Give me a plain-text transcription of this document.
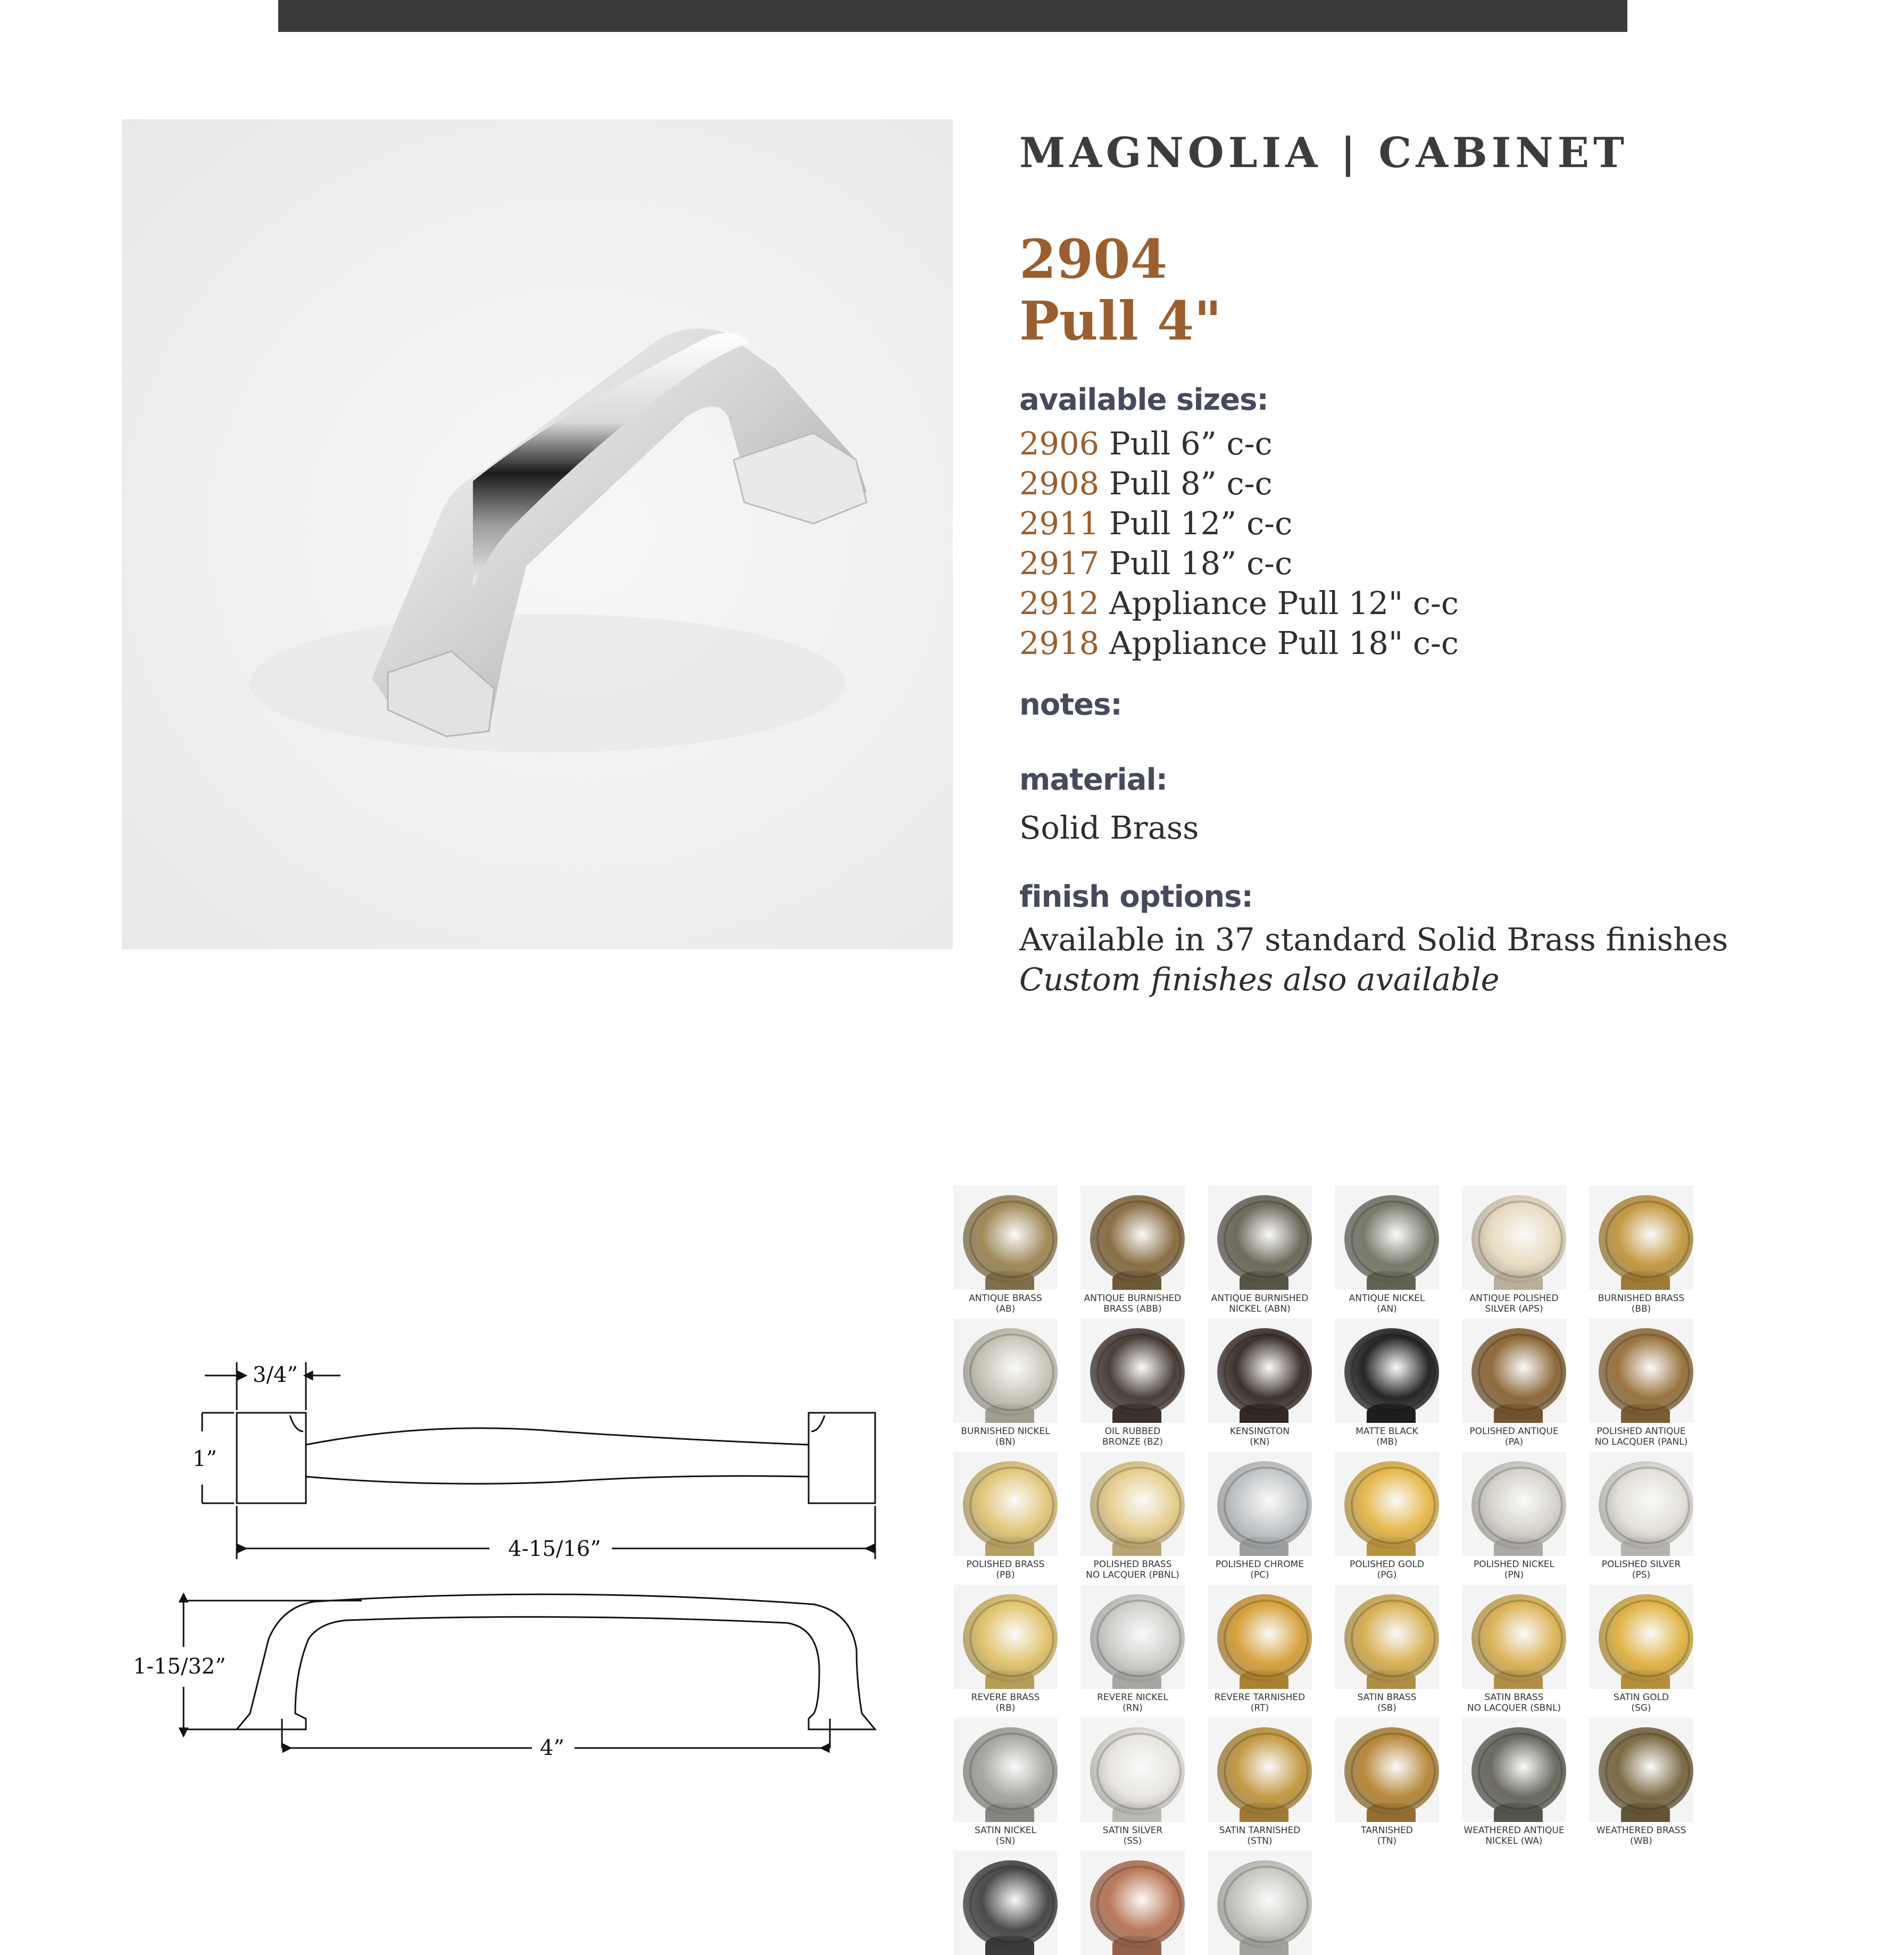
MAGNOLIA | CABINET
2904
Pull 4"
available sizes:
2906 Pull 6” c-c
2908 Pull 8” c-c
2911 Pull 12” c-c
2917 Pull 18” c-c
2912 Appliance Pull 12" c-c
2918 Appliance Pull 18" c-c
notes:
material:
Solid Brass
finish options:
Available in 37 standard Solid Brass finishes
Custom finishes also available
3/4”
1”
4-15/16”
1-15/32”
4”
ANTIQUE BRASS
(AB)
ANTIQUE BURNISHED
BRASS (ABB)
ANTIQUE BURNISHED
NICKEL (ABN)
ANTIQUE NICKEL
(AN)
ANTIQUE POLISHED
SILVER (APS)
BURNISHED BRASS
(BB)
BURNISHED NICKEL
(BN)
OIL RUBBED
BRONZE (BZ)
KENSINGTON
(KN)
MATTE BLACK
(MB)
POLISHED ANTIQUE
(PA)
POLISHED ANTIQUE
NO LACQUER (PANL)
POLISHED BRASS
(PB)
POLISHED BRASS
NO LACQUER (PBNL)
POLISHED CHROME
(PC)
POLISHED GOLD
(PG)
POLISHED NICKEL
(PN)
POLISHED SILVER
(PS)
REVERE BRASS
(RB)
REVERE NICKEL
(RN)
REVERE TARNISHED
(RT)
SATIN BRASS
(SB)
SATIN BRASS
NO LACQUER (SBNL)
SATIN GOLD
(SG)
SATIN NICKEL
(SN)
SATIN SILVER
(SS)
SATIN TARNISHED
(STN)
TARNISHED
(TN)
WEATHERED ANTIQUE
NICKEL (WA)
WEATHERED BRASS
(WB)
